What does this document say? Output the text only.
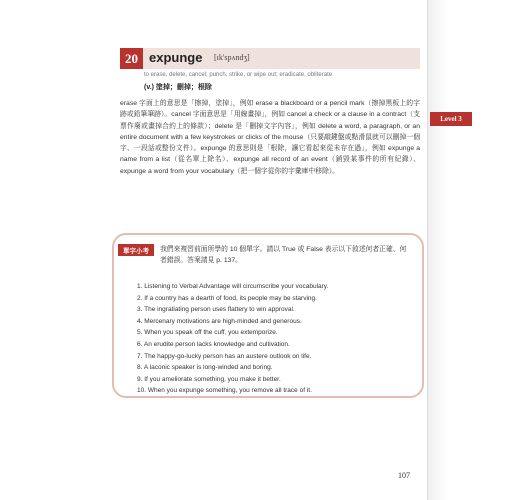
Level 3
20 expunge [ɪk'spʌndʒ]
to erase, delete, cancel; punch, strike, or wipe out; eradicate, obliterate
(v.) 塗掉；刪掉；根除
erase 字面上的意思是「擦掉，塗掉」，例如 erase a blackboard or a pencil mark（擦掉黑板上的字跡或鉛筆筆跡）。cancel 字面意思是「用線畫掉」，例如 cancel a check or a clause in a contract（支票作廢或畫掉合約上的條款）；delete 是「刪掉文字內容」，例如 delete a word, a paragraph, or an entire document with a few keystrokes or clicks of the mouse（只要敲鍵盤或點滑鼠就可以刪掉一個字、一段話或整份文件）。expunge 的意思則是「根除，讓它看起來從未存在過」，例如 expunge a name from a list（從名單上除名）、expunge all record of an event（銷毀某事件的所有紀錄）、expunge a word from your vocabulary（把一個字從你的字彙庫中移除）。
單字小考	我們來複習前面所學的 10 個單字。請以 True 或 False 表示以下敘述何者正確、何者錯誤。答案請見 p. 137。
1. Listening to Verbal Advantage will circumscribe your vocabulary.
2. If a country has a dearth of food, its people may be starving.
3. The ingratiating person uses flattery to win approval.
4. Mercenary motivations are high-minded and generous.
5. When you speak off the cuff, you extemporize.
6. An erudite person lacks knowledge and cultivation.
7. The happy-go-lucky person has an austere outlook on life.
8. A laconic speaker is long-winded and boring.
9. If you ameliorate something, you make it better.
10. When you expunge something, you remove all trace of it.
107
